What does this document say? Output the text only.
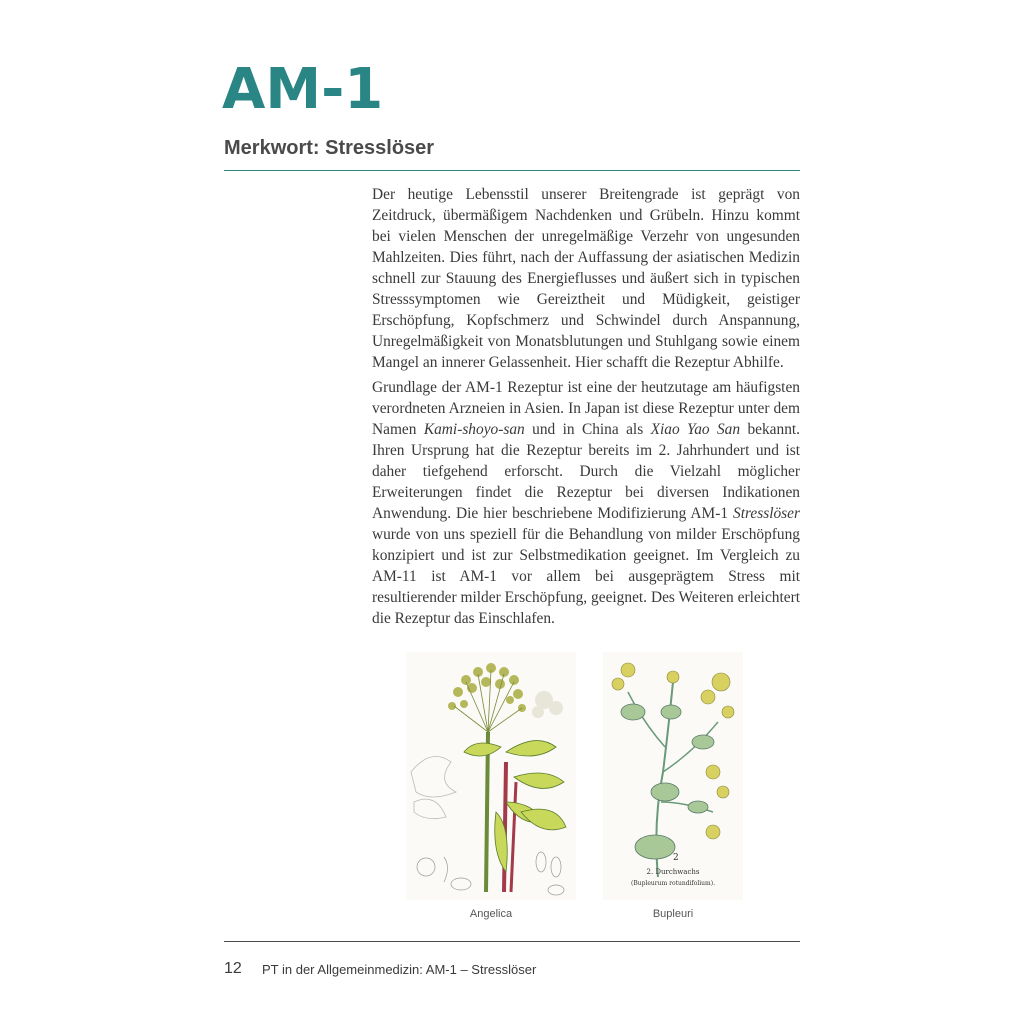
AM-1
Merkwort: Stresslöser

Der heutige Lebensstil unserer Breitengrade ist geprägt von Zeitdruck, übermäßigem Nachdenken und Grübeln. Hinzu kommt bei vielen Menschen der unregelmäßige Verzehr von ungesunden Mahlzeiten. Dies führt, nach der Auffassung der asiatischen Medizin schnell zur Stauung des Energieflusses und äußert sich in typischen Stresssymptomen wie Gereiztheit und Müdigkeit, geistiger Erschöpfung, Kopfschmerz und Schwindel durch Anspannung, Unregelmäßigkeit von Monatsblutungen und Stuhlgang sowie einem Mangel an innerer Gelassenheit. Hier schafft die Rezeptur Abhilfe.

Grundlage der AM-1 Rezeptur ist eine der heutzutage am häufigsten verordneten Arzneien in Asien. In Japan ist diese Rezeptur unter dem Namen Kami-shoyo-san und in China als Xiao Yao San bekannt. Ihren Ursprung hat die Rezeptur bereits im 2. Jahrhundert und ist daher tiefgehend erforscht. Durch die Vielzahl möglicher Erweiterungen findet die Rezeptur bei diversen Indikationen Anwendung. Die hier beschriebene Modifizierung AM-1 Stresslöser wurde von uns speziell für die Behandlung von milder Erschöpfung konzipiert und ist zur Selbstmedikation geeignet. Im Vergleich zu AM-11 ist AM-1 vor allem bei ausgeprägtem Stress mit resultierender milder Erschöpfung, geeignet. Des Weiteren erleichtert die Rezeptur das Einschlafen.

Angelica
2
2. Durchwachs
(Bupleurum rotundifolium).
Bupleuri
12 PT in der Allgemeinmedizin: AM-1 – Stresslöser
